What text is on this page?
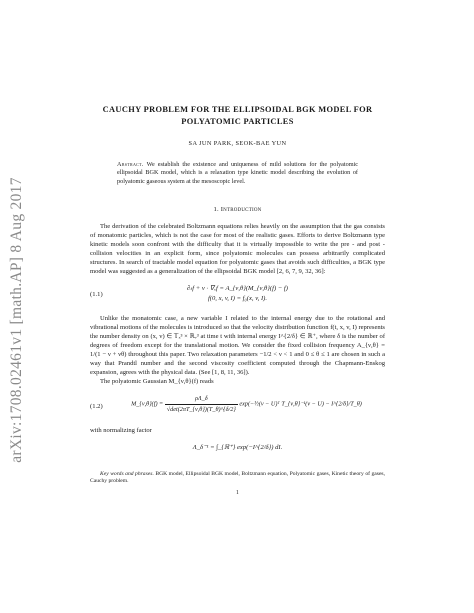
arXiv:1708.02461v1 [math.AP] 8 Aug 2017
CAUCHY PROBLEM FOR THE ELLIPSOIDAL BGK MODEL FOR
POLYATOMIC PARTICLES
SA JUN PARK, SEOK-BAE YUN
Abstract. We establish the existence and uniqueness of mild solutions for the polyatomic ellipsoidal BGK model, which is a relaxation type kinetic model describing the evolution of polyatomic gaseous system at the mesoscopic level.
1. Introduction

The derivation of the celebrated Boltzmann equations relies heavily on the assumption that the gas consists of monatomic particles, which is not the case for most of the realistic gases. Efforts to derive Boltzmann type kinetic models soon confront with the difficulty that it is virtually impossible to write the pre - and post - collision velocities in an explicit form, since polyatomic molecules can possess arbitrarily complicated structures. In search of tractable model equation for polyatomic gases that avoids such difficulties, a BGK type model was suggested as a generalization of the ellipsoidal BGK model [2, 6, 7, 9, 32, 36]:

(1.1)
∂ₜf + v · ∇ₓf = A_{ν,θ}(M_{ν,θ}(f) − f)
f(0, x, v, I) = f₀(x, v, I).

Unlike the monatomic case, a new variable I related to the internal energy due to the rotational and vibrational motions of the molecules is introduced so that the velocity distribution function f(t, x, v, I) represents the number density on (x, v) ∈ 𝕋ₓ³ × ℝᵥ³ at time t with internal energy I^{2/δ} ∈ ℝ⁺, where δ is the number of degrees of freedom except for the translational motion. We consider the fixed collision frequency A_{ν,θ} = 1/(1 − ν + νθ) throughout this paper. Two relaxation parameters −1/2 < ν < 1 and 0 ≤ θ ≤ 1 are chosen in such a way that Prandtl number and the second viscosity coefficient computed through the Chapmann-Enskog expansion, agrees with the physical data. (See [1, 8, 11, 36]).

The polyatomic Gaussian M_{ν,θ}(f) reads

(1.2)	M_{ν,θ}(f) = $\frac{\rho\Lambda\_\delta}{√\det(2\pi T\_\{\nu,\theta\})(T\_\theta)\^{}\{\delta/2\}}$ exp(−½(v − U)ᵀ T_{ν,θ}⁻¹(v − U) − I^{2/δ}/T_θ)

with normalizing factor

Λ_δ⁻¹ = ∫_{ℝ⁺} exp(−I^{2/δ}) dI.
Key words and phrases. BGK model, Ellipsoidal BGK model, Boltzmann equation, Polyatomic gases, Kinetic theory of gases, Cauchy problem.
1
